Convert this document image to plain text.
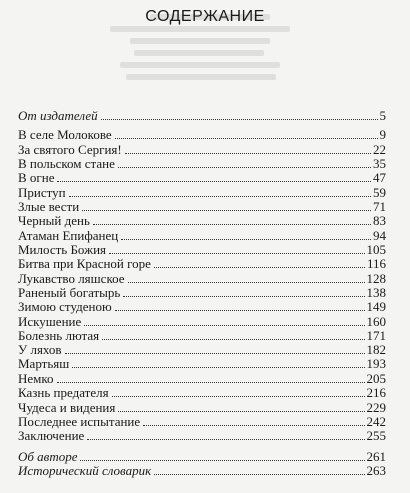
СОДЕРЖАНИЕ
От издателей	5
В селе Молокове	9
За святого Сергия!	22
В польском стане	35
В огне	47
Приступ	59
Злые вести	71
Черный день	83
Атаман Епифанец	94
Милость Божия	105
Битва при Красной горе	116
Лукавство ляшское	128
Раненый богатырь	138
Зимою студеною	149
Искушение	160
Болезнь лютая	171
У ляхов	182
Мартьяш	193
Немко	205
Казнь предателя	216
Чудеса и видения	229
Последнее испытание	242
Заключение	255
Об авторе	261
Исторический словарик	263
